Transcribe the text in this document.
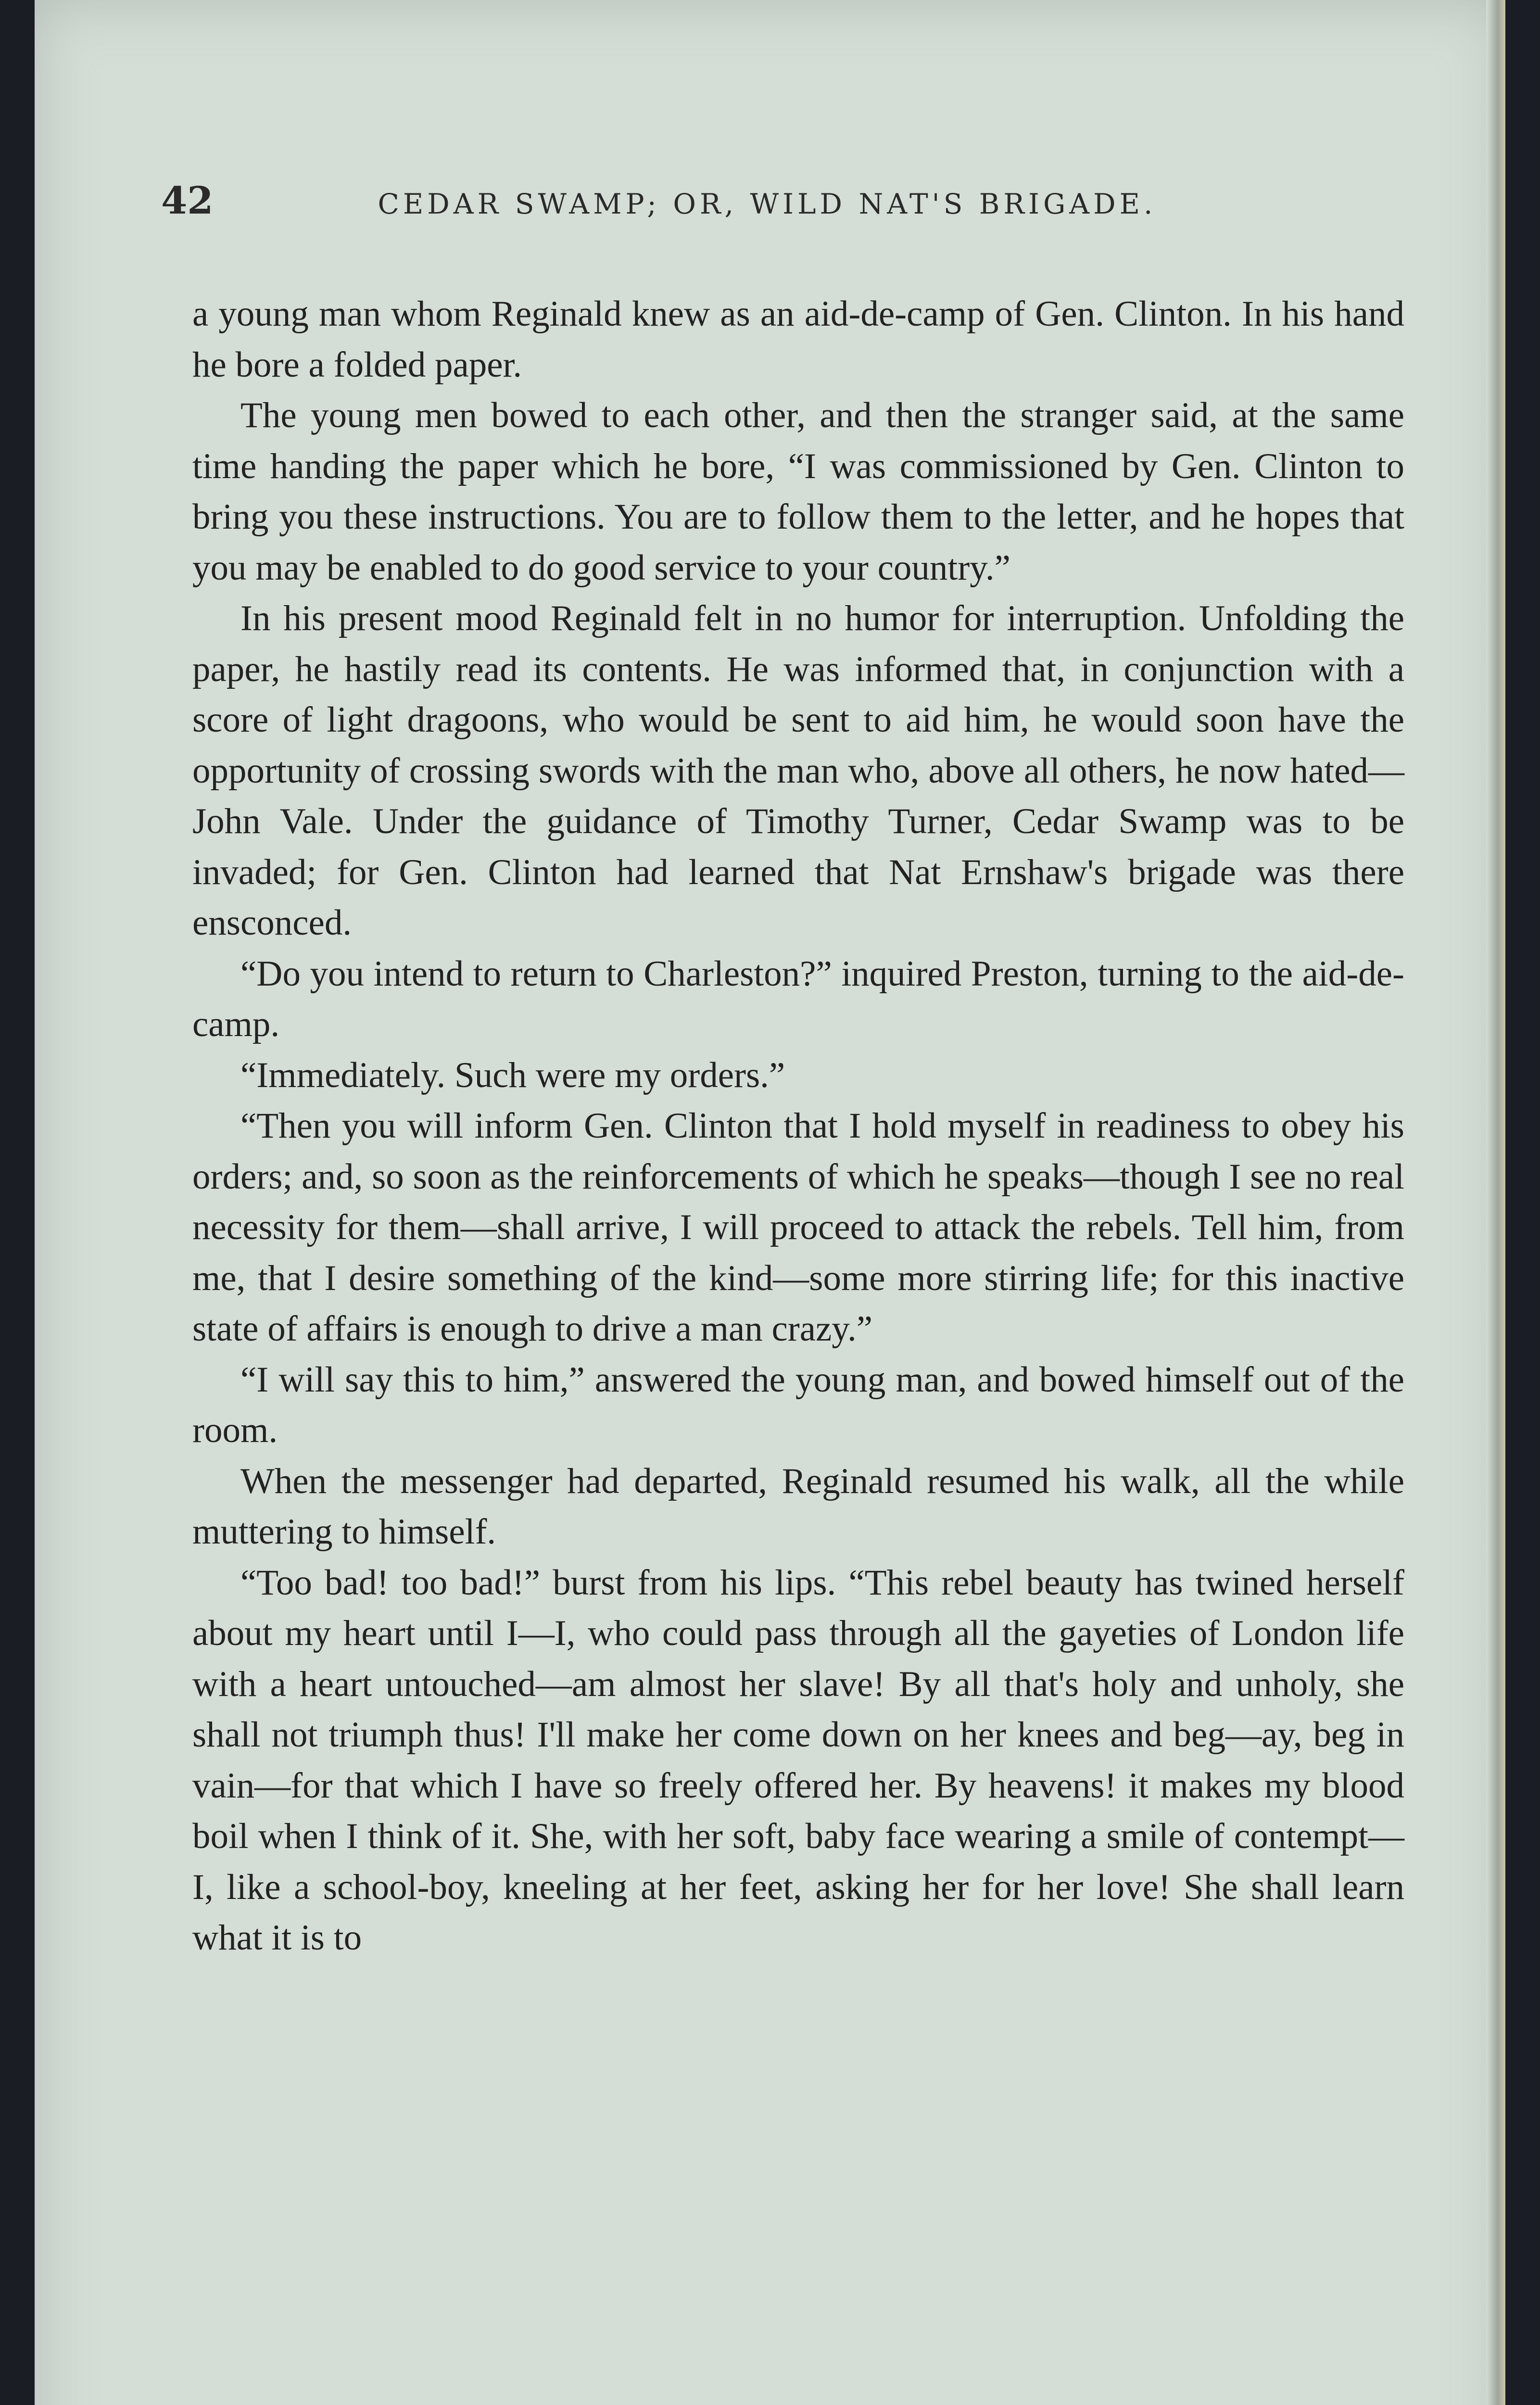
42	CEDAR SWAMP; OR, WILD NAT'S BRIGADE.

a young man whom Reginald knew as an aid-de-camp of Gen. Clinton. In his hand he bore a folded paper.

The young men bowed to each other, and then the stranger said, at the same time handing the paper which he bore, “I was commissioned by Gen. Clinton to bring you these instructions. You are to follow them to the letter, and he hopes that you may be enabled to do good service to your country.”

In his present mood Reginald felt in no humor for interruption. Unfolding the paper, he hastily read its contents. He was informed that, in conjunction with a score of light dragoons, who would be sent to aid him, he would soon have the opportunity of crossing swords with the man who, above all others, he now hated—John Vale. Under the guidance of Timothy Turner, Cedar Swamp was to be invaded; for Gen. Clinton had learned that Nat Ernshaw's brigade was there ensconced.

“Do you intend to return to Charleston?” inquired Preston, turning to the aid-de-camp.

“Immediately. Such were my orders.”

“Then you will inform Gen. Clinton that I hold myself in readiness to obey his orders; and, so soon as the reinforcements of which he speaks—though I see no real necessity for them—shall arrive, I will proceed to attack the rebels. Tell him, from me, that I desire something of the kind—some more stirring life; for this inactive state of affairs is enough to drive a man crazy.”

“I will say this to him,” answered the young man, and bowed himself out of the room.

When the messenger had departed, Reginald resumed his walk, all the while muttering to himself.

“Too bad! too bad!” burst from his lips. “This rebel beauty has twined herself about my heart until I—I, who could pass through all the gayeties of London life with a heart untouched—am almost her slave! By all that's holy and unholy, she shall not triumph thus! I'll make her come down on her knees and beg—ay, beg in vain—for that which I have so freely offered her. By heavens! it makes my blood boil when I think of it. She, with her soft, baby face wearing a smile of contempt—I, like a school-boy, kneeling at her feet, asking her for her love! She shall learn what it is to
